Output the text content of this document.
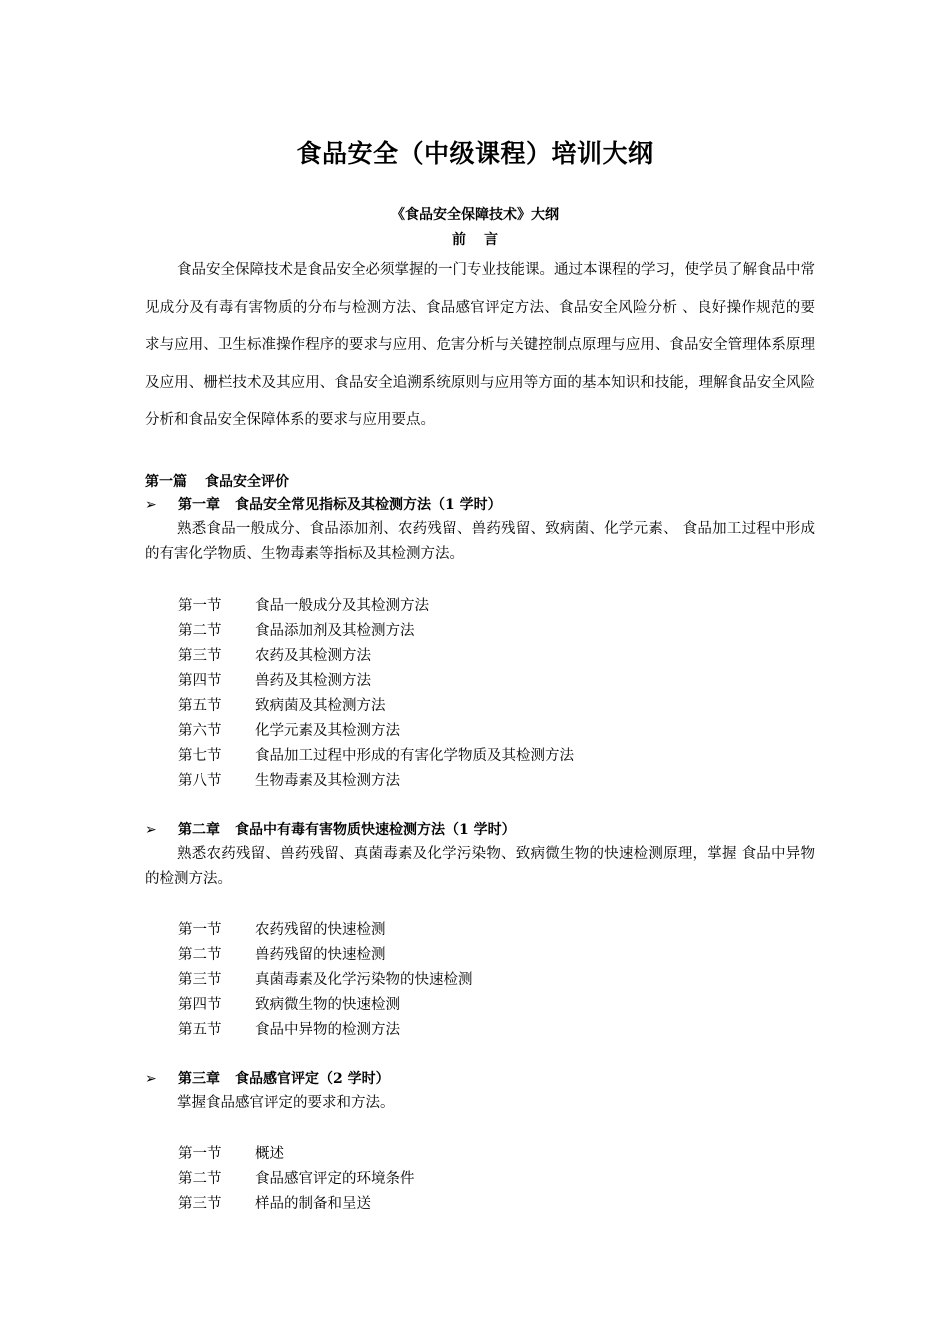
食品安全（中级课程）培训大纲
《食品安全保障技术》大纲
前言
食品安全保障技术是食品安全必须掌握的一门专业技能课。通过本课程的学习，使学员了解食品中常见成分及有毒有害物质的分布与检测方法、食品感官评定方法、食品安全风险分析 、良好操作规范的要求与应用、卫生标准操作程序的要求与应用、危害分析与关键控制点原理与应用、食品安全管理体系原理及应用、栅栏技术及其应用、食品安全追溯系统原则与应用等方面的基本知识和技能，理解食品安全风险分析和食品安全保障体系的要求与应用要点。
第一篇 食品安全评价
➢ 第一章 食品安全常见指标及其检测方法（1 学时）
熟悉食品一般成分、食品添加剂、农药残留、兽药残留、致病菌、化学元素、 食品加工过程中形成的有害化学物质、生物毒素等指标及其检测方法。
第一节 食品一般成分及其检测方法
第二节 食品添加剂及其检测方法
第三节 农药及其检测方法
第四节 兽药及其检测方法
第五节 致病菌及其检测方法
第六节 化学元素及其检测方法
第七节 食品加工过程中形成的有害化学物质及其检测方法
第八节 生物毒素及其检测方法
➢ 第二章 食品中有毒有害物质快速检测方法（1 学时）
熟悉农药残留、兽药残留、真菌毒素及化学污染物、致病微生物的快速检测原理，掌握 食品中异物的检测方法。
第一节 农药残留的快速检测
第二节 兽药残留的快速检测
第三节 真菌毒素及化学污染物的快速检测
第四节 致病微生物的快速检测
第五节 食品中异物的检测方法
➢ 第三章 食品感官评定（2 学时）
掌握食品感官评定的要求和方法。
第一节 概述
第二节 食品感官评定的环境条件
第三节 样品的制备和呈送
